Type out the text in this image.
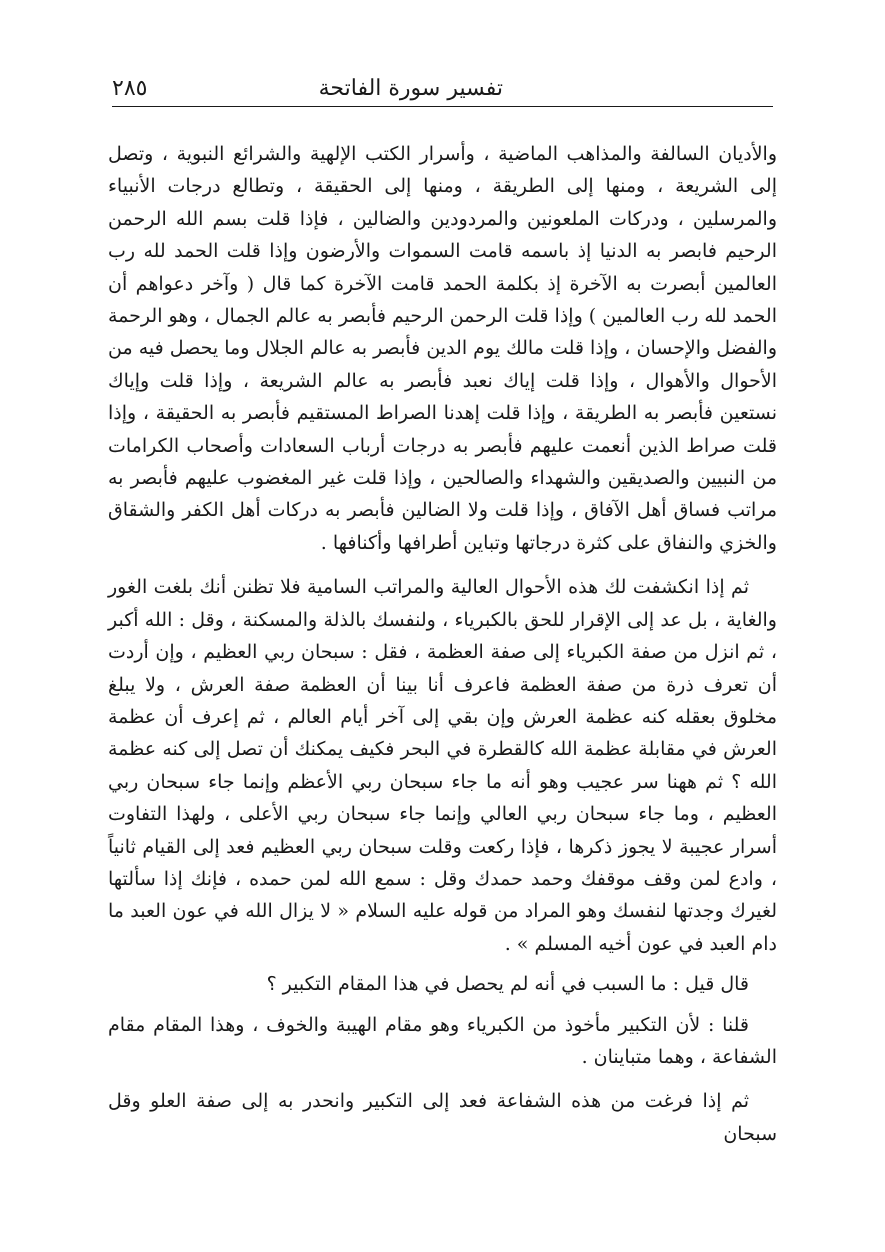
تفسير سورة الفاتحة
٢٨٥

والأديان السالفة والمذاهب الماضية ، وأسرار الكتب الإلهية والشرائع النبوية ، وتصل إلى الشريعة ، ومنها إلى الطريقة ، ومنها إلى الحقيقة ، وتطالع درجات الأنبياء والمرسلين ، ودركات الملعونين والمردودين والضالين ، فإذا قلت بسم الله الرحمن الرحيم فابصر به الدنيا إذ باسمه قامت السموات والأرضون وإذا قلت الحمد لله رب العالمين أبصرت به الآخرة إذ بكلمة الحمد قامت الآخرة كما قال ( وآخر دعواهم أن الحمد لله رب العالمين ) وإذا قلت الرحمن الرحيم فأبصر به عالم الجمال ، وهو الرحمة والفضل والإحسان ، وإذا قلت مالك يوم الدين فأبصر به عالم الجلال وما يحصل فيه من الأحوال والأهوال ، وإذا قلت إياك نعبد فأبصر به عالم الشريعة ، وإذا قلت وإياك نستعين فأبصر به الطريقة ، وإذا قلت إهدنا الصراط المستقيم فأبصر به الحقيقة ، وإذا قلت صراط الذين أنعمت عليهم فأبصر به درجات أرباب السعادات وأصحاب الكرامات من النبيين والصديقين والشهداء والصالحين ، وإذا قلت غير المغضوب عليهم فأبصر به مراتب فساق أهل الآفاق ، وإذا قلت ولا الضالين فأبصر به دركات أهل الكفر والشقاق والخزي والنفاق على كثرة درجاتها وتباين أطرافها وأكنافها .

ثم إذا انكشفت لك هذه الأحوال العالية والمراتب السامية فلا تظنن أنك بلغت الغور والغاية ، بل عد إلى الإقرار للحق بالكبرياء ، ولنفسك بالذلة والمسكنة ، وقل : الله أكبر ، ثم انزل من صفة الكبرياء إلى صفة العظمة ، فقل : سبحان ربي العظيم ، وإن أردت أن تعرف ذرة من صفة العظمة فاعرف أنا بينا أن العظمة صفة العرش ، ولا يبلغ مخلوق بعقله كنه عظمة العرش وإن بقي إلى آخر أيام العالم ، ثم إعرف أن عظمة العرش في مقابلة عظمة الله كالقطرة في البحر فكيف يمكنك أن تصل إلى كنه عظمة الله ؟ ثم ههنا سر عجيب وهو أنه ما جاء سبحان ربي الأعظم وإنما جاء سبحان ربي العظيم ، وما جاء سبحان ربي العالي وإنما جاء سبحان ربي الأعلى ، ولهذا التفاوت أسرار عجيبة لا يجوز ذكرها ، فإذا ركعت وقلت سبحان ربي العظيم فعد إلى القيام ثانياً ، وادع لمن وقف موقفك وحمد حمدك وقل : سمع الله لمن حمده ، فإنك إذا سألتها لغيرك وجدتها لنفسك وهو المراد من قوله عليه السلام « لا يزال الله في عون العبد ما دام العبد في عون أخيه المسلم » .

قال قيل : ما السبب في أنه لم يحصل في هذا المقام التكبير ؟

قلنا : لأن التكبير مأخوذ من الكبرياء وهو مقام الهيبة والخوف ، وهذا المقام مقام الشفاعة ، وهما متباينان .

ثم إذا فرغت من هذه الشفاعة فعد إلى التكبير وانحدر به إلى صفة العلو وقل سبحان
